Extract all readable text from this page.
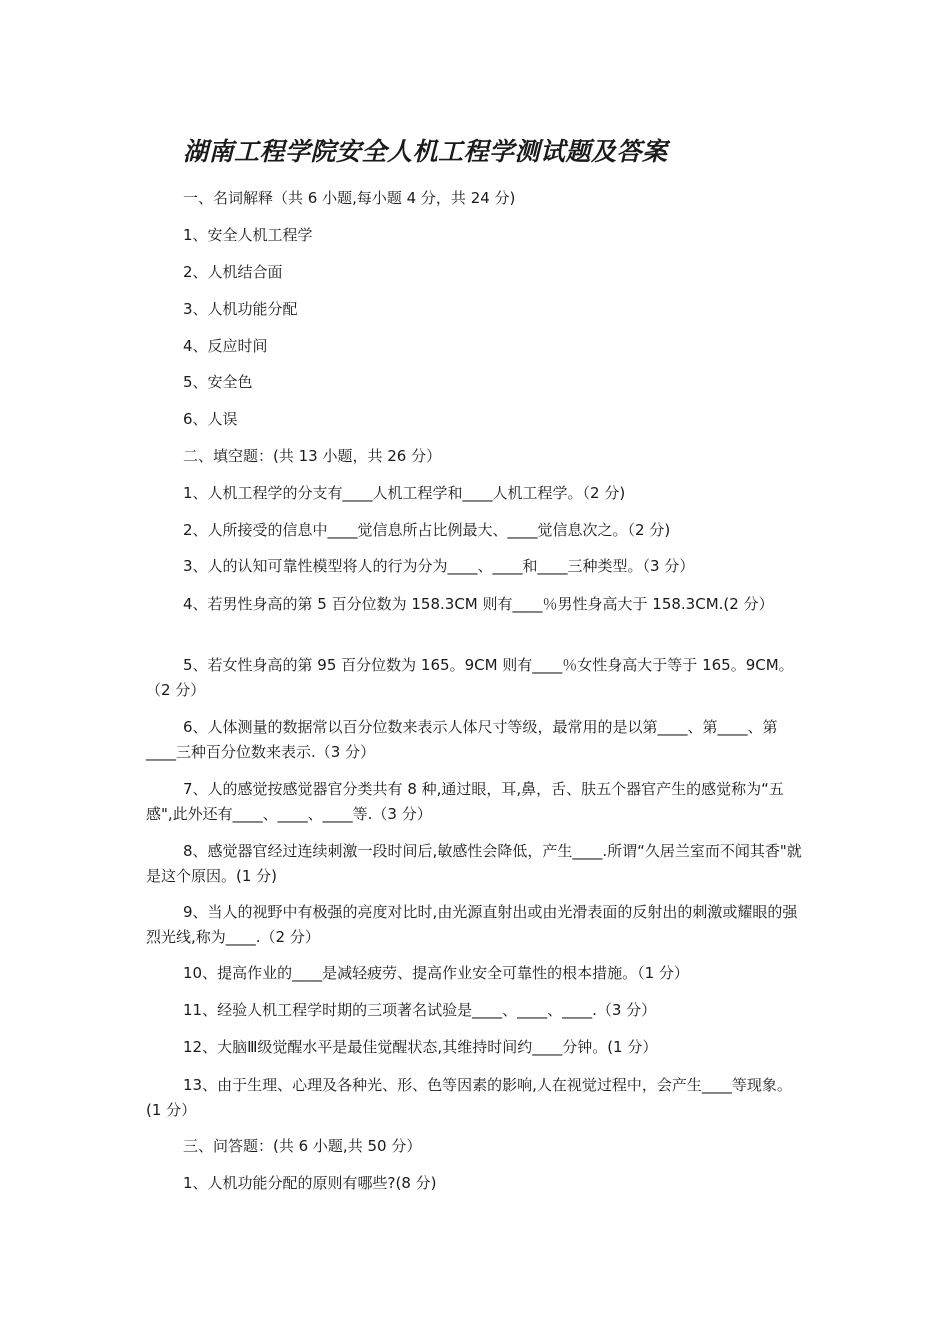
湖南工程学院安全人机工程学测试题及答案

一、名词解释（共 6 小题,每小题 4 分，共 24 分)

1、安全人机工程学

2、人机结合面

3、人机功能分配

4、反应时间

5、安全色

6、人误

二、填空题：(共 13 小题，共 26 分）

1、人机工程学的分支有____人机工程学和____人机工程学。（2 分)

2、人所接受的信息中____觉信息所占比例最大、____觉信息次之。（2 分)

3、人的认知可靠性模型将人的行为分为____、____和____三种类型。（3 分）

4、若男性身高的第 5 百分位数为 158.3CM 则有____％男性身高大于 158.3CM.(2 分）

5、若女性身高的第 95 百分位数为 165。9CM 则有____％女性身高大于等于 165。9CM。（2 分）

6、人体测量的数据常以百分位数来表示人体尺寸等级，最常用的是以第____、第____、第____三种百分位数来表示.（3 分）

7、人的感觉按感觉器官分类共有 8 种,通过眼，耳,鼻，舌、肤五个器官产生的感觉称为“五感",此外还有____、____、____等.（3 分）

8、感觉器官经过连续刺激一段时间后,敏感性会降低，产生____.所谓“久居兰室而不闻其香"就是这个原因。(1 分)

9、当人的视野中有极强的亮度对比时,由光源直射出或由光滑表面的反射出的刺激或耀眼的强烈光线,称为____.（2 分）

10、提高作业的____是减轻疲劳、提高作业安全可靠性的根本措施。（1 分）

11、经验人机工程学时期的三项著名试验是____、____、____.（3 分）

12、大脑Ⅲ级觉醒水平是最佳觉醒状态,其维持时间约____分钟。(1 分）

13、由于生理、心理及各种光、形、色等因素的影响,人在视觉过程中，会产生____等现象。(1 分）

三、问答题：(共 6 小题,共 50 分）

1、人机功能分配的原则有哪些?(8 分)
